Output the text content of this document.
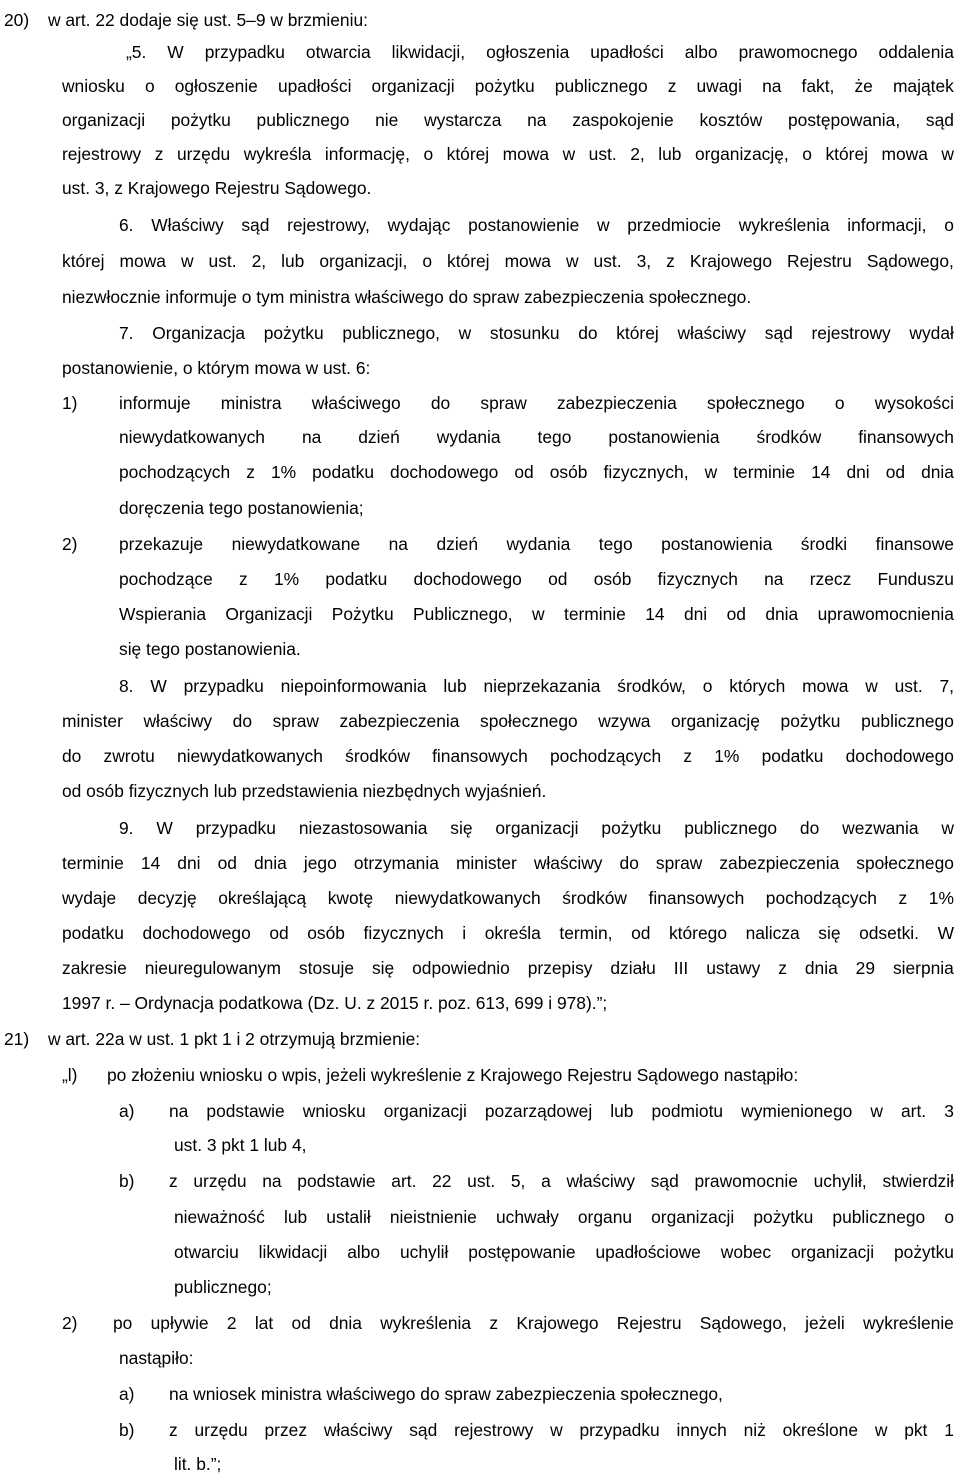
20) w art. 22 dodaje się ust. 5–9 w brzmieniu:
„5. W przypadku otwarcia likwidacji, ogłoszenia upadłości albo prawomocnego oddalenia
wniosku o ogłoszenie upadłości organizacji pożytku publicznego z uwagi na fakt, że majątek
organizacji pożytku publicznego nie wystarcza na zaspokojenie kosztów postępowania, sąd
rejestrowy z urzędu wykreśla informację, o której mowa w ust. 2, lub organizację, o której mowa w
ust. 3, z Krajowego Rejestru Sądowego.
6. Właściwy sąd rejestrowy, wydając postanowienie w przedmiocie wykreślenia informacji, o
której mowa w ust. 2, lub organizacji, o której mowa w ust. 3, z Krajowego Rejestru Sądowego,
niezwłocznie informuje o tym ministra właściwego do spraw zabezpieczenia społecznego.
7. Organizacja pożytku publicznego, w stosunku do której właściwy sąd rejestrowy wydał
postanowienie, o którym mowa w ust. 6:
1) informuje ministra właściwego do spraw zabezpieczenia społecznego o wysokości
niewydatkowanych na dzień wydania tego postanowienia środków finansowych
pochodzących z 1% podatku dochodowego od osób fizycznych, w terminie 14 dni od dnia
doręczenia tego postanowienia;
2) przekazuje niewydatkowane na dzień wydania tego postanowienia środki finansowe
pochodzące z 1% podatku dochodowego od osób fizycznych na rzecz Funduszu
Wspierania Organizacji Pożytku Publicznego, w terminie 14 dni od dnia uprawomocnienia
się tego postanowienia.
8. W przypadku niepoinformowania lub nieprzekazania środków, o których mowa w ust. 7,
minister właściwy do spraw zabezpieczenia społecznego wzywa organizację pożytku publicznego
do zwrotu niewydatkowanych środków finansowych pochodzących z 1% podatku dochodowego
od osób fizycznych lub przedstawienia niezbędnych wyjaśnień.
9. W przypadku niezastosowania się organizacji pożytku publicznego do wezwania w
terminie 14 dni od dnia jego otrzymania minister właściwy do spraw zabezpieczenia społecznego
wydaje decyzję określającą kwotę niewydatkowanych środków finansowych pochodzących z 1%
podatku dochodowego od osób fizycznych i określa termin, od którego nalicza się odsetki. W
zakresie nieuregulowanym stosuje się odpowiednio przepisy działu III ustawy z dnia 29 sierpnia
1997 r. – Ordynacja podatkowa (Dz. U. z 2015 r. poz. 613, 699 i 978).”;
21) w art. 22a w ust. 1 pkt 1 i 2 otrzymują brzmienie:
„l) po złożeniu wniosku o wpis, jeżeli wykreślenie z Krajowego Rejestru Sądowego nastąpiło:
a) na podstawie wniosku organizacji pozarządowej lub podmiotu wymienionego w art. 3
ust. 3 pkt 1 lub 4,
b) z urzędu na podstawie art. 22 ust. 5, a właściwy sąd prawomocnie uchylił, stwierdził
nieważność lub ustalił nieistnienie uchwały organu organizacji pożytku publicznego o
otwarciu likwidacji albo uchylił postępowanie upadłościowe wobec organizacji pożytku
publicznego;
2) po upływie 2 lat od dnia wykreślenia z Krajowego Rejestru Sądowego, jeżeli wykreślenie
nastąpiło:
a) na wniosek ministra właściwego do spraw zabezpieczenia społecznego,
b) z urzędu przez właściwy sąd rejestrowy w przypadku innych niż określone w pkt 1
lit. b.”;
